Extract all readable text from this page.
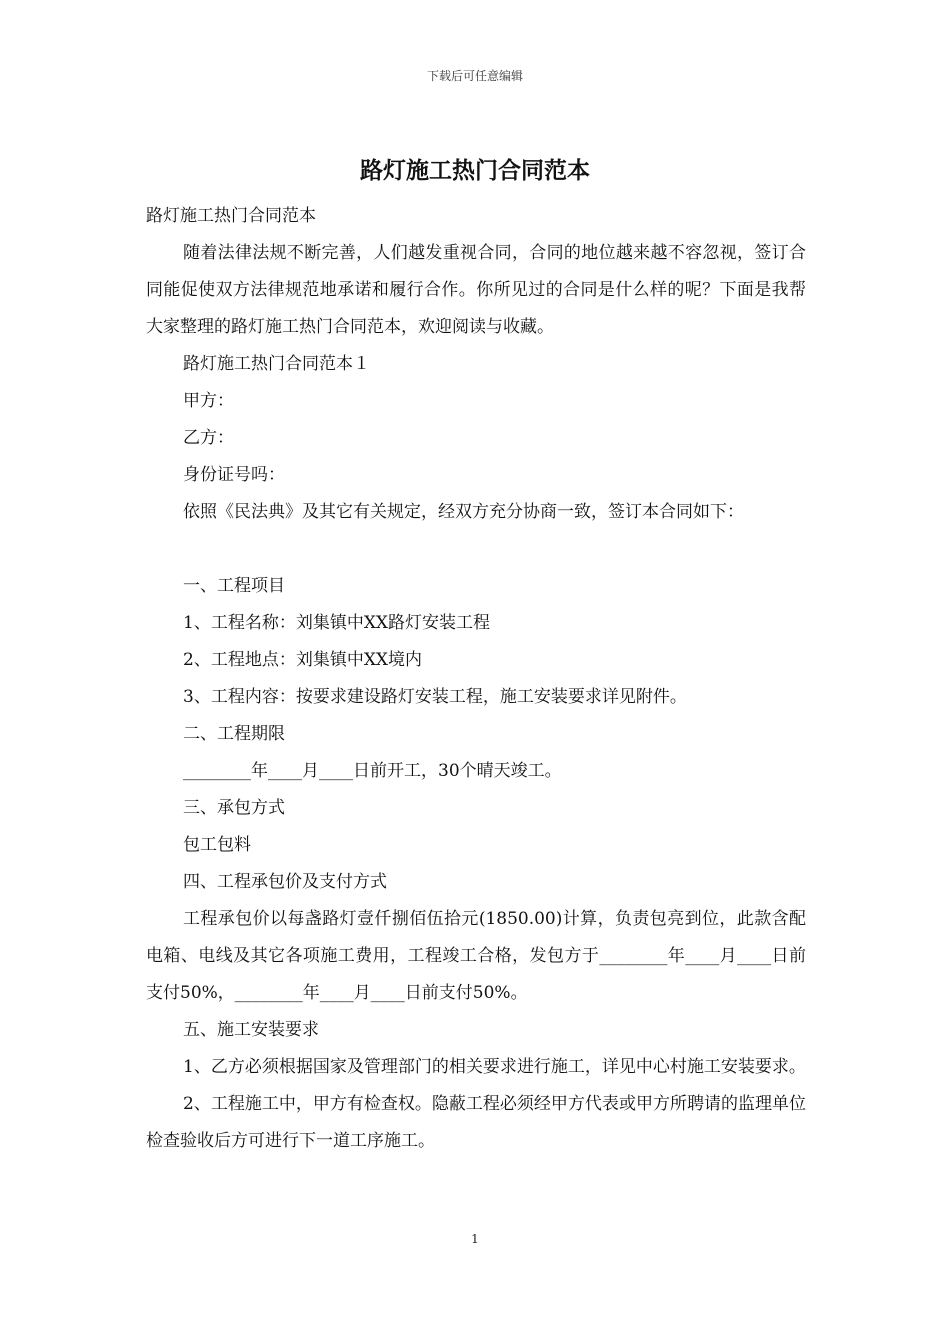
下载后可任意编辑
路灯施工热门合同范本

路灯施工热门合同范本

随着法律法规不断完善，人们越发重视合同，合同的地位越来越不容忽视，签订合同能促使双方法律规范地承诺和履行合作。你所见过的合同是什么样的呢？下面是我帮大家整理的路灯施工热门合同范本，欢迎阅读与收藏。

路灯施工热门合同范本１

甲方：

乙方：

身份证号吗：

依照《民法典》及其它有关规定，经双方充分协商一致，签订本合同如下：

一、工程项目

1、工程名称：刘集镇中XX路灯安装工程

2、工程地点：刘集镇中XX境内

3、工程内容：按要求建设路灯安装工程，施工安装要求详见附件。

二、工程期限

________年____月____日前开工，30个晴天竣工。

三、承包方式

包工包料

四、工程承包价及支付方式

工程承包价以每盏路灯壹仟捌佰伍拾元(1850.00)计算，负责包亮到位，此款含配电箱、电线及其它各项施工费用，工程竣工合格，发包方于________年____月____日前支付50%，________年____月____日前支付50%。

五、施工安装要求

1、乙方必须根据国家及管理部门的相关要求进行施工，详见中心村施工安装要求。

2、工程施工中，甲方有检查权。隐蔽工程必须经甲方代表或甲方所聘请的监理单位检查验收后方可进行下一道工序施工。

1
